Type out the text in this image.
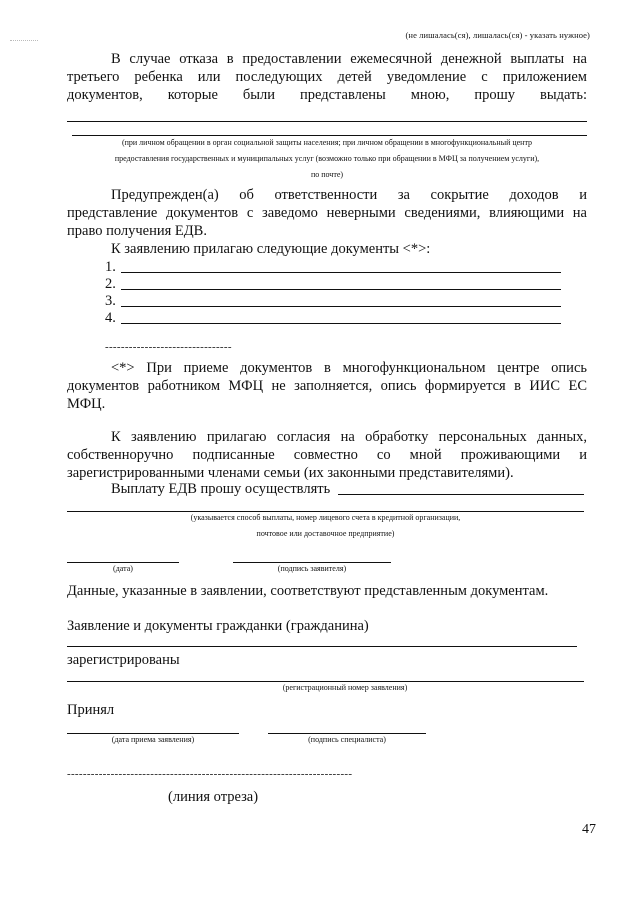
(не лишалась(ся), лишалась(ся) - указать нужное)
В случае отказа в предоставлении ежемесячной денежной выплаты на
третьего ребенка или последующих детей уведомление с приложением
документов, которые были представлены мною, прошу выдать:
(при личном обращении в орган социальной защиты населения; при личном обращении в многофункциональный центр
предоставления государственных и муниципальных услуг (возможно только при обращении в МФЦ за получением услуги),
по почте)
Предупрежден(а) об ответственности за сокрытие доходов и
представление документов с заведомо неверными сведениями, влияющими на
право получения ЕДВ.
К заявлению прилагаю следующие документы <*>:
1.
2.
3.
4.
--------------------------------
<*> При приеме документов в многофункциональном центре опись
документов работником МФЦ не заполняется, опись формируется в ИИС ЕС
МФЦ.
К заявлению прилагаю согласия на обработку персональных данных,
собственноручно подписанные совместно со мной проживающими и
зарегистрированными членами семьи (их законными представителями).
Выплату ЕДВ прошу осуществлять
(указывается способ выплаты, номер лицевого счета в кредитной организации,
почтовое или доставочное предприятие)
(дата)	(подпись заявителя)
Данные, указанные в заявлении, соответствуют представленным документам.
Заявление и документы гражданки (гражданина)
зарегистрированы
(регистрационный номер заявления)
Принял
(дата приема заявления)	(подпись специалиста)
------------------------------------------------------------------------
(линия отреза)
47
